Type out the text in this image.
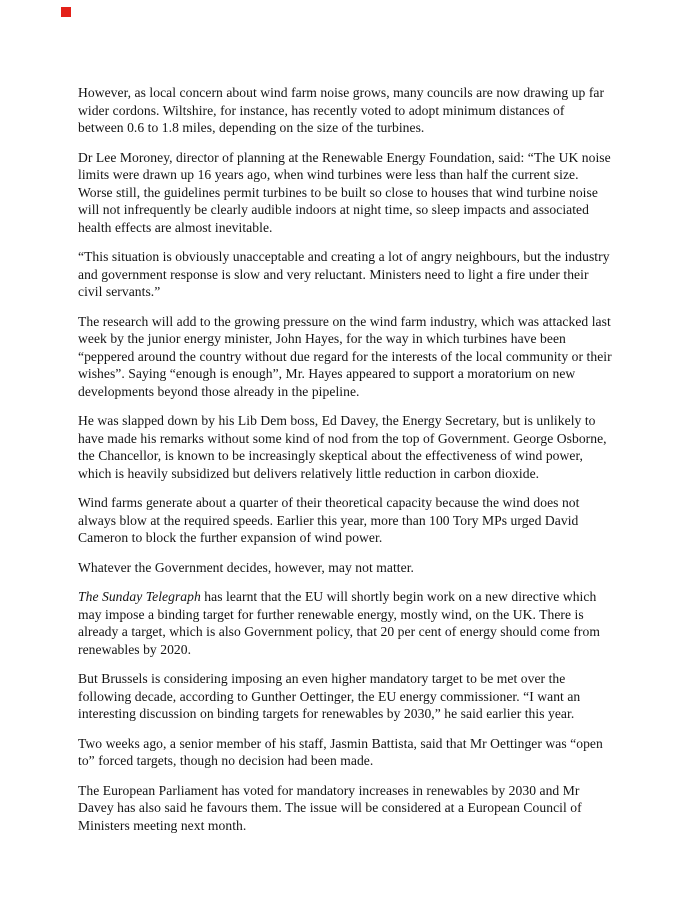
However, as local concern about wind farm noise grows, many councils are now drawing up far
wider cordons. Wiltshire, for instance, has recently voted to adopt minimum distances of
between 0.6 to 1.8 miles, depending on the size of the turbines.
Dr Lee Moroney, director of planning at the Renewable Energy Foundation, said: “The UK noise
limits were drawn up 16 years ago, when wind turbines were less than half the current size.
Worse still, the guidelines permit turbines to be built so close to houses that wind turbine noise
will not infrequently be clearly audible indoors at night time, so sleep impacts and associated
health effects are almost inevitable.
“This situation is obviously unacceptable and creating a lot of angry neighbours, but the industry
and government response is slow and very reluctant. Ministers need to light a fire under their
civil servants.”
The research will add to the growing pressure on the wind farm industry, which was attacked last
week by the junior energy minister, John Hayes, for the way in which turbines have been
“peppered around the country without due regard for the interests of the local community or their
wishes”. Saying “enough is enough”, Mr. Hayes appeared to support a moratorium on new
developments beyond those already in the pipeline.
He was slapped down by his Lib Dem boss, Ed Davey, the Energy Secretary, but is unlikely to
have made his remarks without some kind of nod from the top of Government. George Osborne,
the Chancellor, is known to be increasingly skeptical about the effectiveness of wind power,
which is heavily subsidized but delivers relatively little reduction in carbon dioxide.
Wind farms generate about a quarter of their theoretical capacity because the wind does not
always blow at the required speeds. Earlier this year, more than 100 Tory MPs urged David
Cameron to block the further expansion of wind power.
Whatever the Government decides, however, may not matter.
The Sunday Telegraph has learnt that the EU will shortly begin work on a new directive which
may impose a binding target for further renewable energy, mostly wind, on the UK. There is
already a target, which is also Government policy, that 20 per cent of energy should come from
renewables by 2020.
But Brussels is considering imposing an even higher mandatory target to be met over the
following decade, according to Gunther Oettinger, the EU energy commissioner. “I want an
interesting discussion on binding targets for renewables by 2030,” he said earlier this year.
Two weeks ago, a senior member of his staff, Jasmin Battista, said that Mr Oettinger was “open
to” forced targets, though no decision had been made.
The European Parliament has voted for mandatory increases in renewables by 2030 and Mr
Davey has also said he favours them. The issue will be considered at a European Council of
Ministers meeting next month.
